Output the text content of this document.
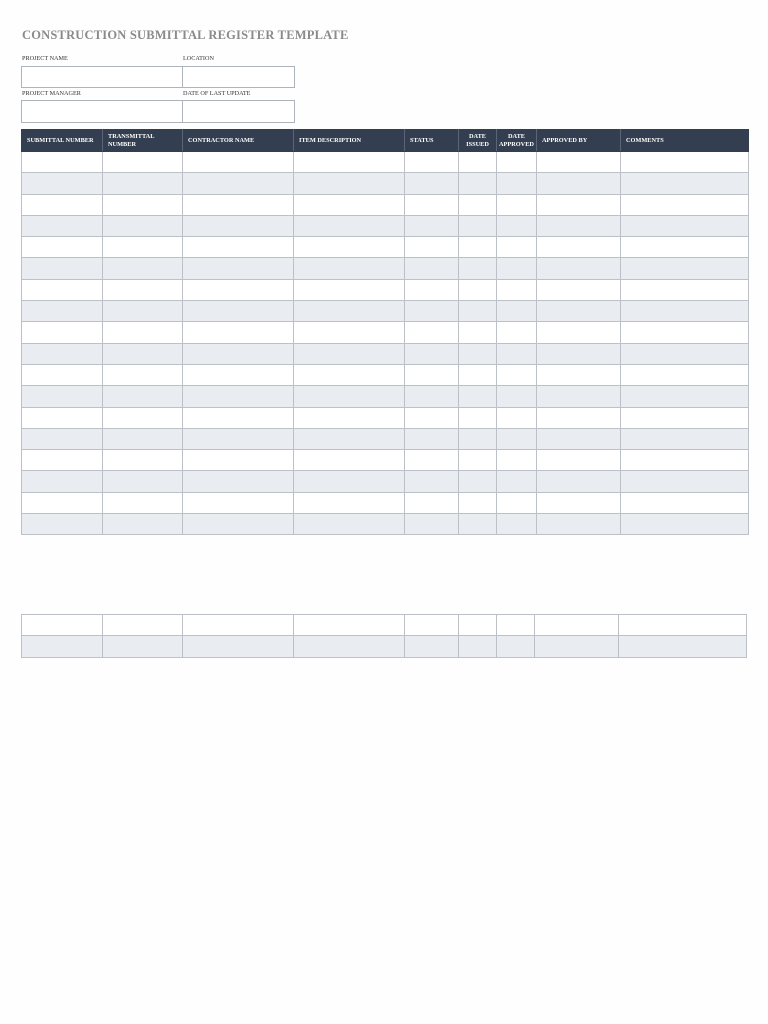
CONSTRUCTION SUBMITTAL REGISTER TEMPLATE
PROJECT NAME	LOCATION
PROJECT MANAGER	DATE OF LAST UPDATE
SUBMITTAL NUMBER	TRANSMITTAL NUMBER	CONTRACTOR NAME	ITEM DESCRIPTION	STATUS	DATE ISSUED	DATE APPROVED	APPROVED BY	COMMENTS
